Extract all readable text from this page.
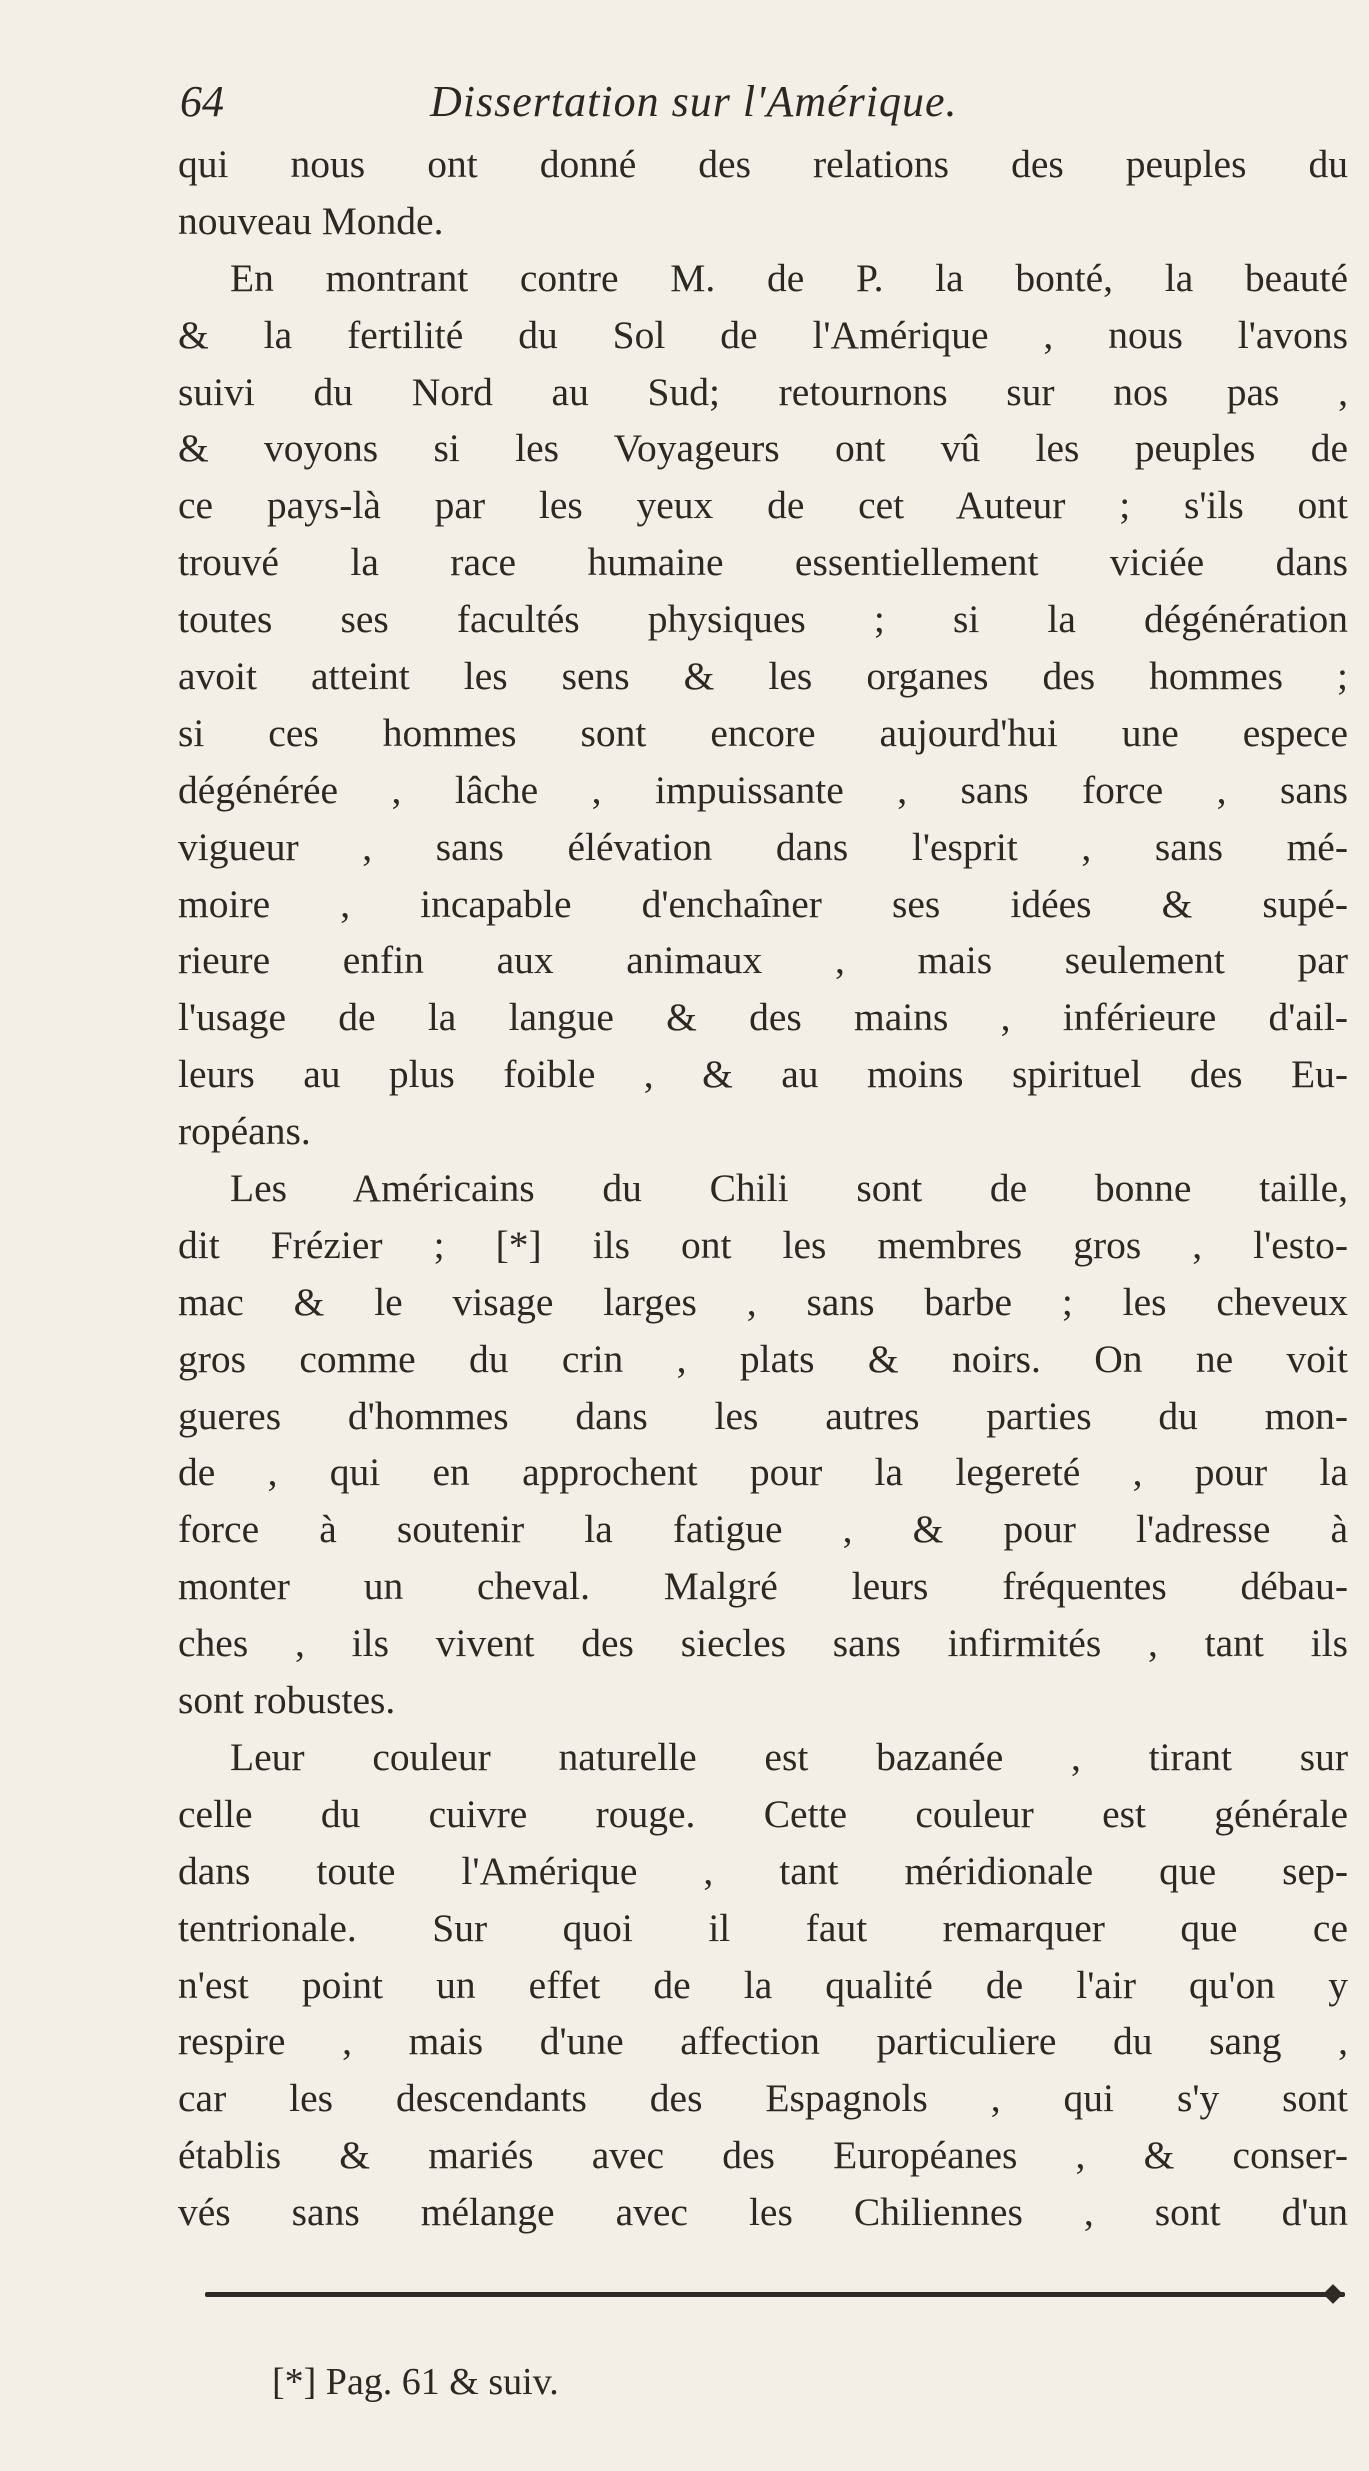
64	Dissertation sur l'Amérique.
qui nous ont donné des relations des peuples du
nouveau Monde.
En montrant contre M. de P. la bonté, la beauté
& la fertilité du Sol de l'Amérique , nous l'avons
suivi du Nord au Sud; retournons sur nos pas ,
& voyons si les Voyageurs ont vû les peuples de
ce pays-là par les yeux de cet Auteur ; s'ils ont
trouvé la race humaine essentiellement viciée dans
toutes ses facultés physiques ; si la dégénération
avoit atteint les sens & les organes des hommes ;
si ces hommes sont encore aujourd'hui une espece
dégénérée , lâche , impuissante , sans force , sans
vigueur , sans élévation dans l'esprit , sans mé-
moire , incapable d'enchaîner ses idées & supé-
rieure enfin aux animaux , mais seulement par
l'usage de la langue & des mains , inférieure d'ail-
leurs au plus foible , & au moins spirituel des Eu-
ropéans.
Les Américains du Chili sont de bonne taille,
dit Frézier ; [*] ils ont les membres gros , l'esto-
mac & le visage larges , sans barbe ; les cheveux
gros comme du crin , plats & noirs. On ne voit
gueres d'hommes dans les autres parties du mon-
de , qui en approchent pour la legereté , pour la
force à soutenir la fatigue , & pour l'adresse à
monter un cheval. Malgré leurs fréquentes débau-
ches , ils vivent des siecles sans infirmités , tant ils
sont robustes.
Leur couleur naturelle est bazanée , tirant sur
celle du cuivre rouge. Cette couleur est générale
dans toute l'Amérique , tant méridionale que sep-
tentrionale. Sur quoi il faut remarquer que ce
n'est point un effet de la qualité de l'air qu'on y
respire , mais d'une affection particuliere du sang ,
car les descendants des Espagnols , qui s'y sont
établis & mariés avec des Européanes , & conser-
vés sans mélange avec les Chiliennes , sont d'un
[*] Pag. 61 & suiv.
